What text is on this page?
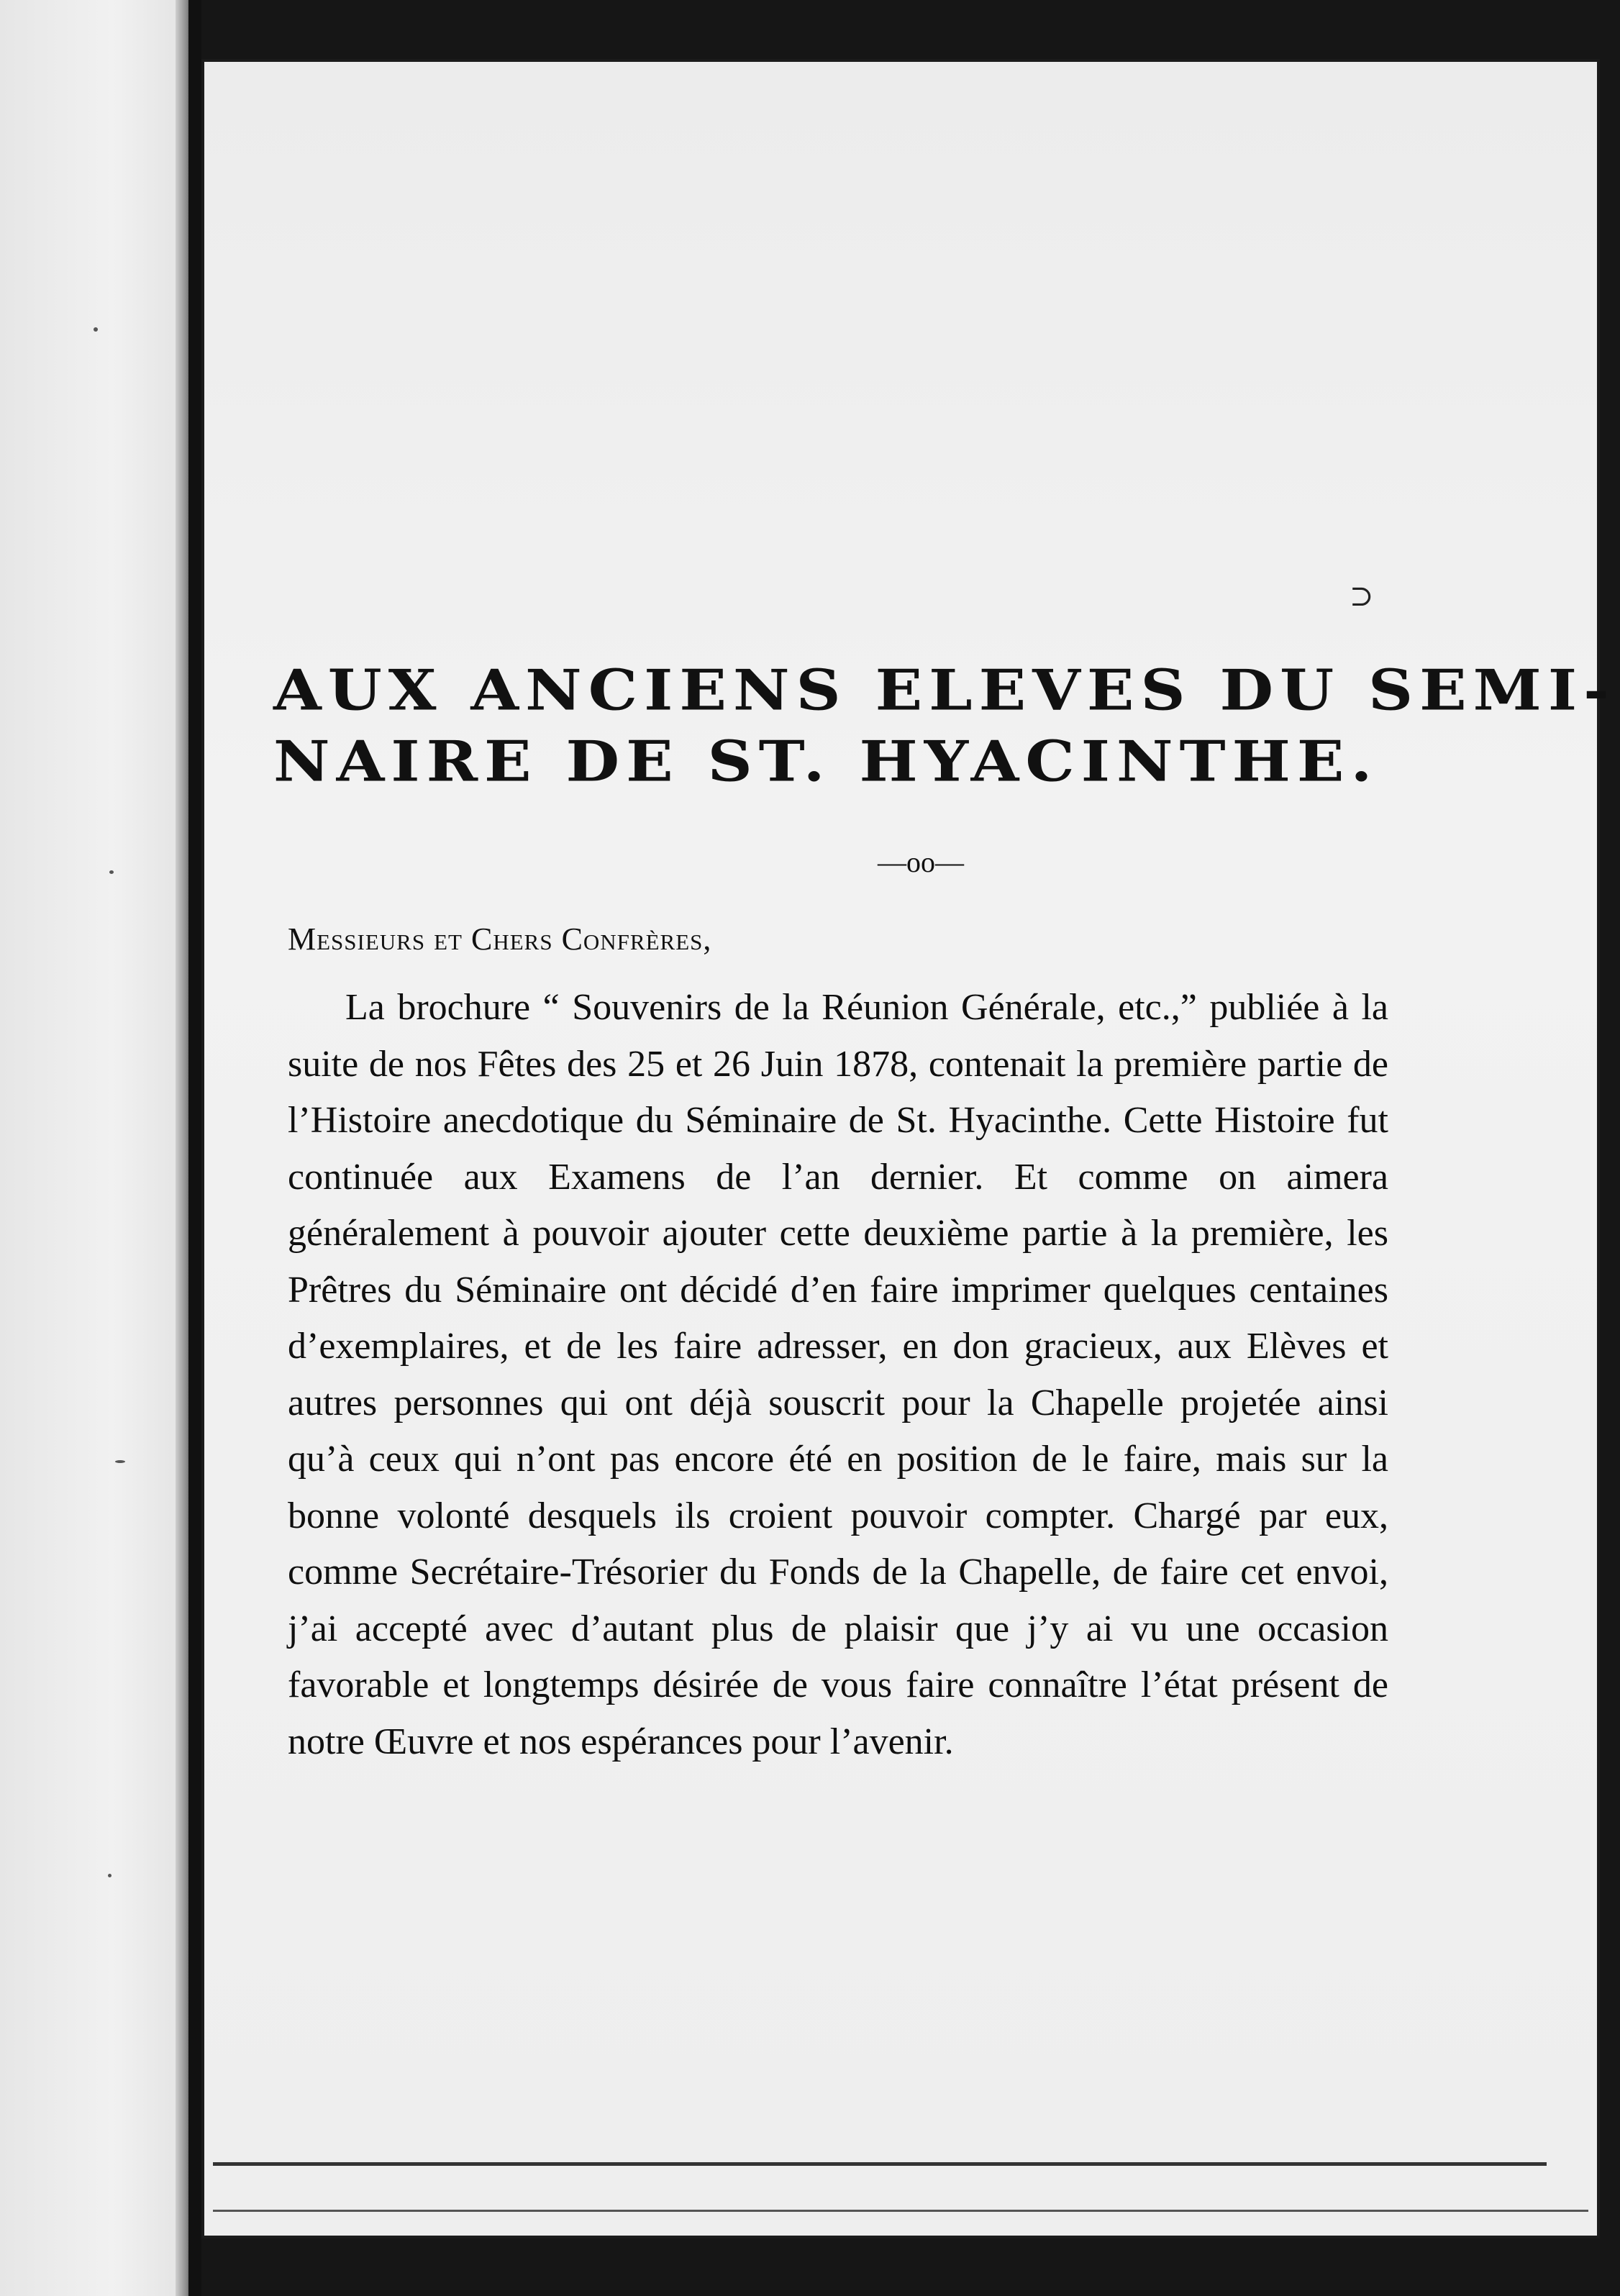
⊃
AUX ANCIENS ELEVES DU SEMI-
NAIRE DE ST. HYACINTHE.
—oo—
Messieurs et Chers Confrères,

La brochure “ Souvenirs de la Réunion Générale, etc.,” publiée à la suite de nos Fêtes des 25 et 26 Juin 1878, contenait la première partie de l’Histoire anecdotique du Séminaire de St. Hyacinthe. Cette Histoire fut continuée aux Examens de l’an dernier. Et comme on aimera généralement à pouvoir ajouter cette deuxième partie à la première, les Prêtres du Séminaire ont décidé d’en faire imprimer quelques centaines d’exemplaires, et de les faire adresser, en don gracieux, aux Elèves et autres personnes qui ont déjà souscrit pour la Chapelle projetée ainsi qu’à ceux qui n’ont pas encore été en position de le faire, mais sur la bonne volonté desquels ils croient pouvoir compter. Chargé par eux, comme Secrétaire-Trésorier du Fonds de la Chapelle, de faire cet envoi, j’ai accepté avec d’autant plus de plaisir que j’y ai vu une occasion favorable et longtemps désirée de vous faire connaître l’état présent de notre Œuvre et nos espérances pour l’avenir.
